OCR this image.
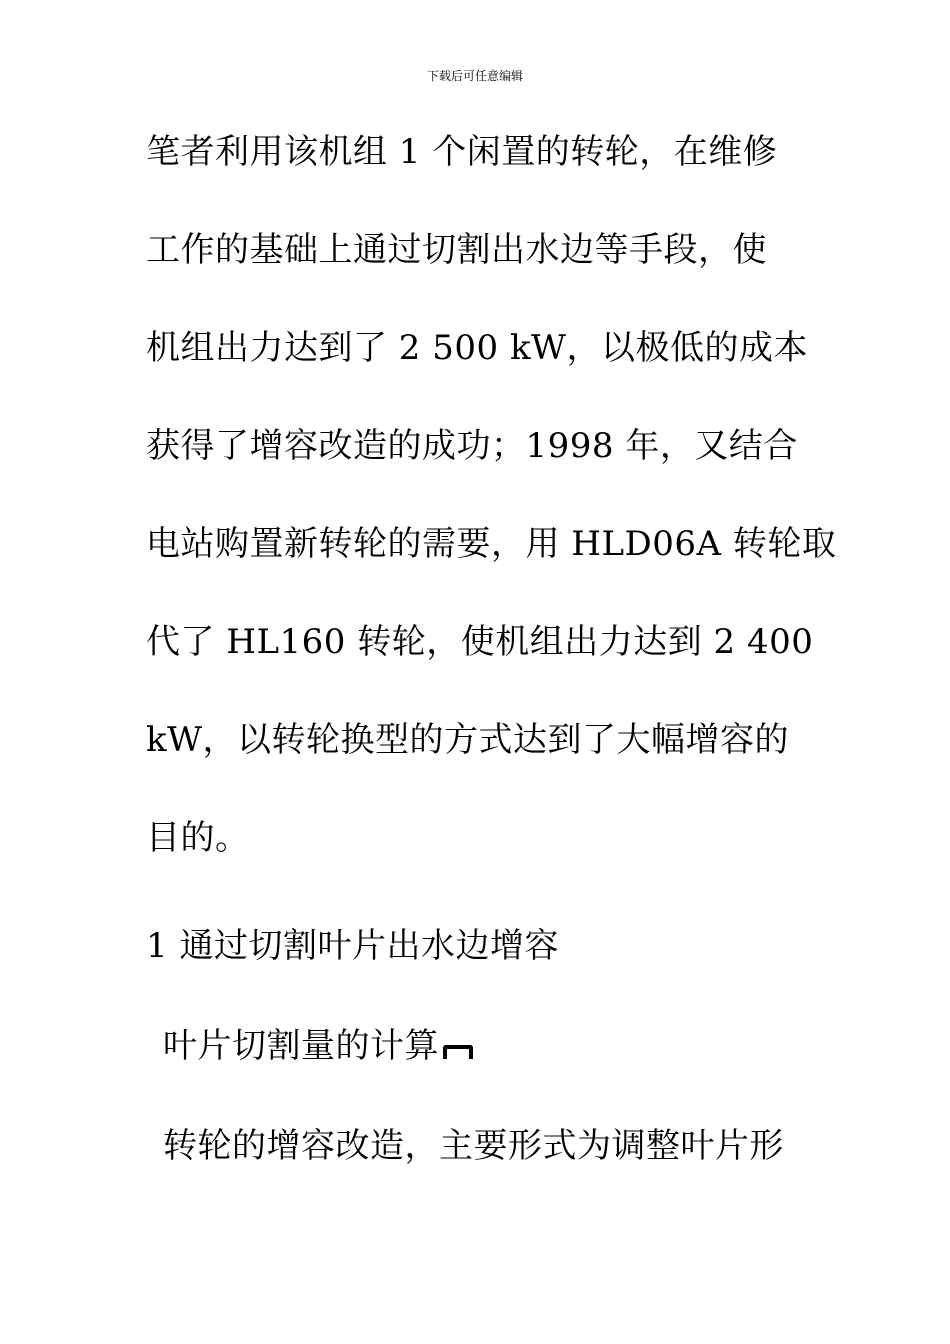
下载后可任意编辑
笔者利用该机组 1 个闲置的转轮，在维修
工作的基础上通过切割出水边等手段，使
机组出力达到了 2 500 kW，以极低的成本
获得了增容改造的成功；1998 年，又结合
电站购置新转轮的需要，用 HLD06A 转轮取
代了 HL160 转轮，使机组出力达到 2 400
kW，以转轮换型的方式达到了大幅增容的
目的。
1 通过切割叶片出水边增容
叶片切割量的计算
转轮的增容改造，主要形式为调整叶片形
